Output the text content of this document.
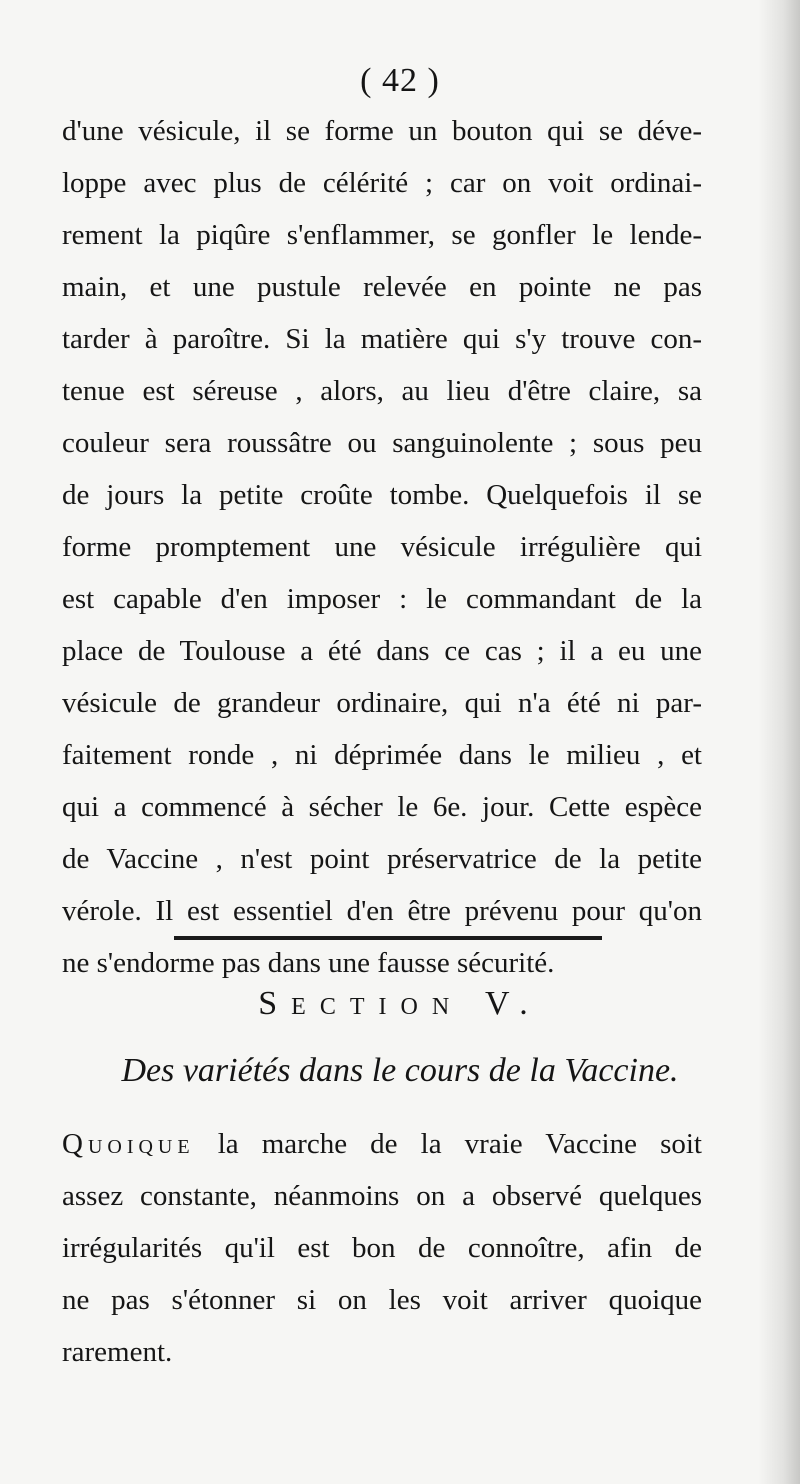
( 42 )
d'une vésicule, il se forme un bouton qui se déve-
loppe avec plus de célérité ; car on voit ordinai-
rement la piqûre s'enflammer, se gonfler le lende-
main, et une pustule relevée en pointe ne pas
tarder à paroître. Si la matière qui s'y trouve con-
tenue est séreuse , alors, au lieu d'être claire, sa
couleur sera roussâtre ou sanguinolente ; sous peu
de jours la petite croûte tombe. Quelquefois il se
forme promptement une vésicule irrégulière qui
est capable d'en imposer : le commandant de la
place de Toulouse a été dans ce cas ; il a eu une
vésicule de grandeur ordinaire, qui n'a été ni par-
faitement ronde , ni déprimée dans le milieu , et
qui a commencé à sécher le 6e. jour. Cette espèce
de Vaccine , n'est point préservatrice de la petite
vérole. Il est essentiel d'en être prévenu pour qu'on
ne s'endorme pas dans une fausse sécurité.
Section V.
Des variétés dans le cours de la Vaccine.
Quoique la marche de la vraie Vaccine soit
assez constante, néanmoins on a observé quelques
irrégularités qu'il est bon de connoître, afin de
ne pas s'étonner si on les voit arriver quoique
rarement.
